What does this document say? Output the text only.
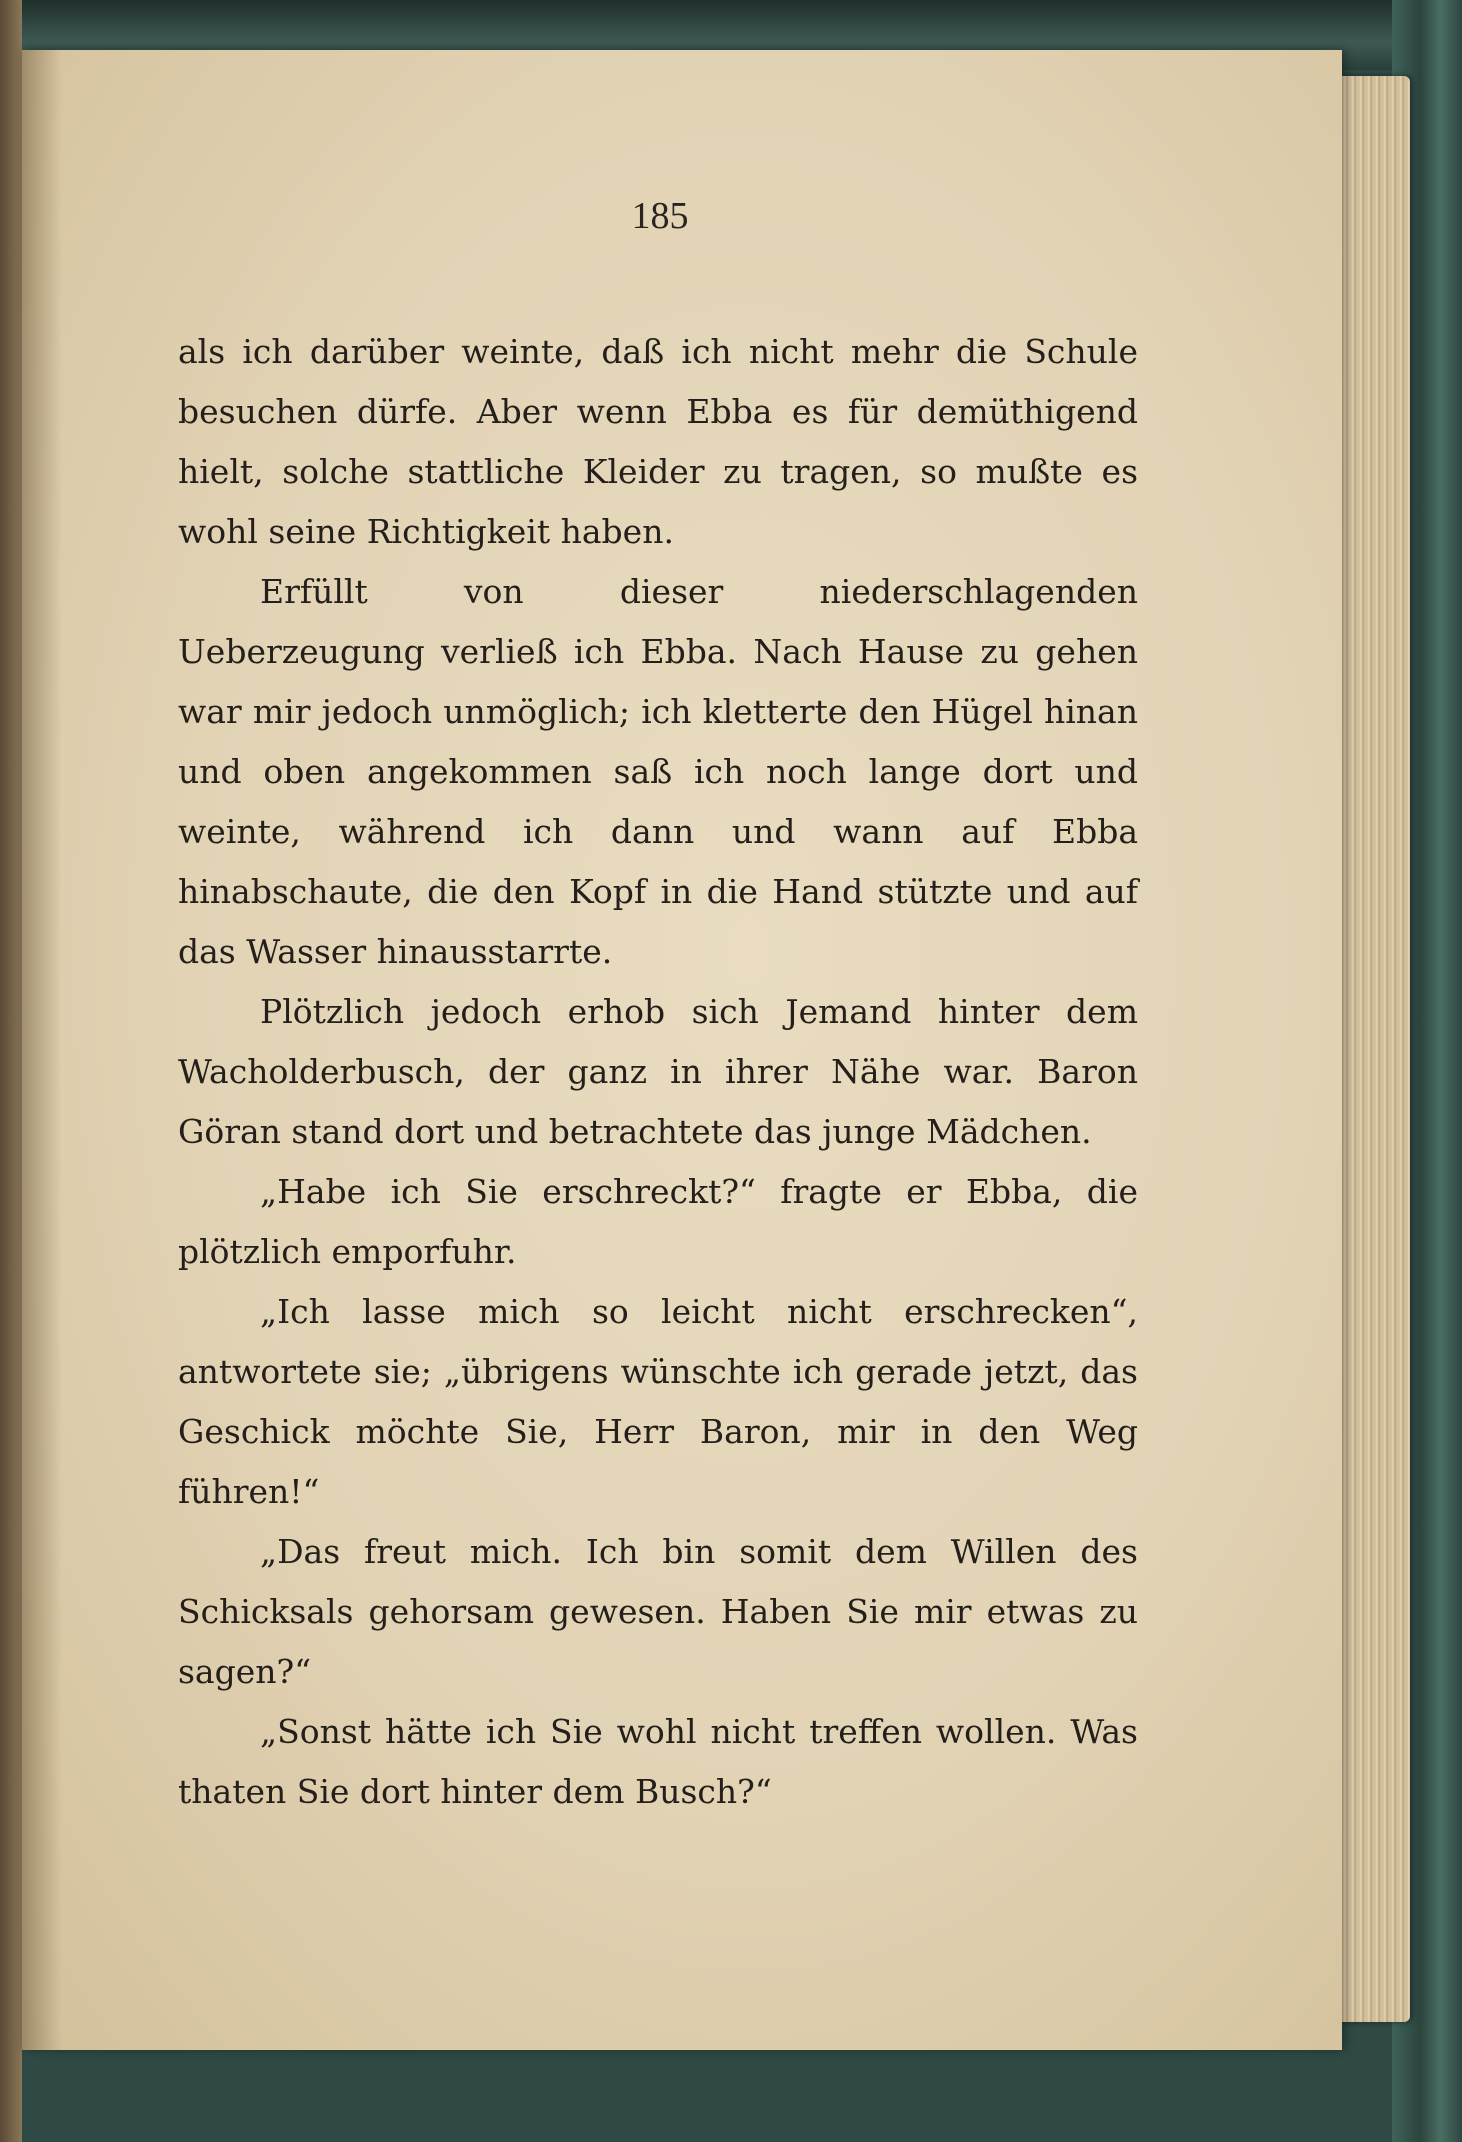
185

als ich darüber weinte, daß ich nicht mehr die Schule besuchen dürfe. Aber wenn Ebba es für demüthigend hielt, solche stattliche Kleider zu tragen, so mußte es wohl seine Richtigkeit haben.

Erfüllt von dieser niederschlagenden Ueberzeugung verließ ich Ebba. Nach Hause zu gehen war mir jedoch unmöglich; ich kletterte den Hügel hinan und oben angekommen saß ich noch lange dort und weinte, während ich dann und wann auf Ebba hinabschaute, die den Kopf in die Hand stützte und auf das Wasser hinausstarrte.

Plötzlich jedoch erhob sich Jemand hinter dem Wacholderbusch, der ganz in ihrer Nähe war. Baron Göran stand dort und betrachtete das junge Mädchen.

„Habe ich Sie erschreckt?“ fragte er Ebba, die plötzlich emporfuhr.

„Ich lasse mich so leicht nicht erschrecken“, antwortete sie; „übrigens wünschte ich gerade jetzt, das Geschick möchte Sie, Herr Baron, mir in den Weg führen!“

„Das freut mich. Ich bin somit dem Willen des Schicksals gehorsam gewesen. Haben Sie mir etwas zu sagen?“

„Sonst hätte ich Sie wohl nicht treffen wollen. Was thaten Sie dort hinter dem Busch?“
